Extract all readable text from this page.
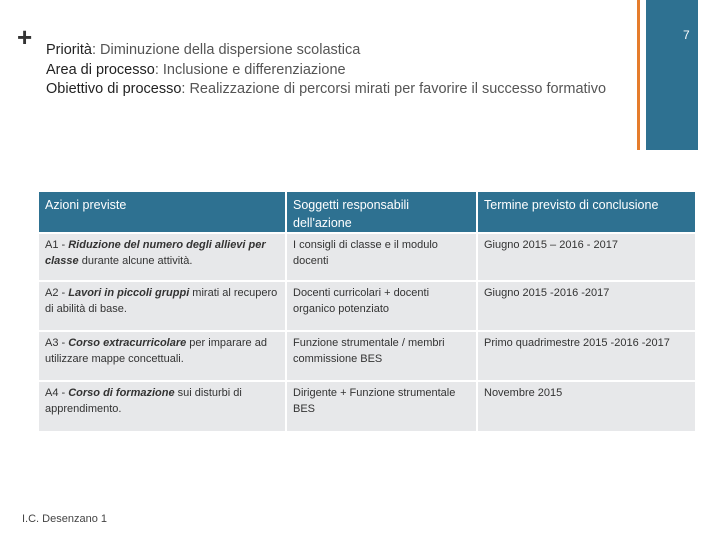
+	7
Priorità: Diminuzione della dispersione scolastica
Area di processo: Inclusione e differenziazione
Obiettivo di processo: Realizzazione di percorsi mirati per favorire il successo formativo
Azioni previste	Soggetti responsabili dell'azione	Termine previsto di conclusione
A1 - Riduzione del numero degli allievi per classe durante alcune attività.	I consigli di classe e il modulo docenti	Giugno 2015 – 2016 - 2017
A2 - Lavori in piccoli gruppi mirati al recupero di abilità di base.	Docenti curricolari + docenti organico potenziato	Giugno 2015 -2016 -2017
A3 - Corso extracurricolare per imparare ad utilizzare mappe concettuali.	Funzione strumentale / membri commissione BES	Primo quadrimestre 2015 -2016 -2017
A4 - Corso di formazione sui disturbi di apprendimento.	Dirigente + Funzione strumentale BES	Novembre 2015
I.C. Desenzano 1
